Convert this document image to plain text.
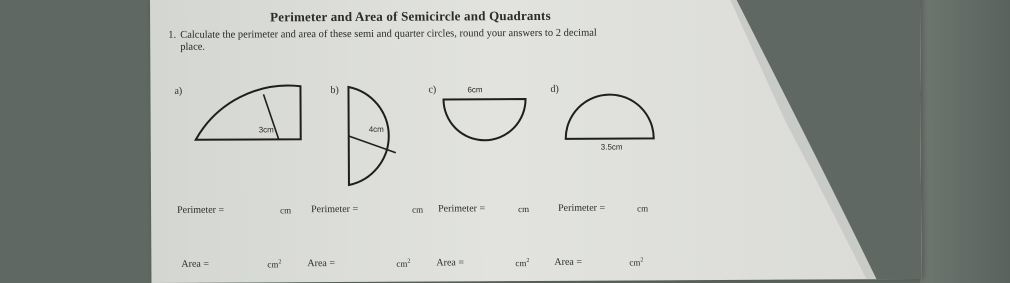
Perimeter and Area of Semicircle and Quadrants
1. Calculate the perimeter and area of these semi and quarter circles, round your answers to 2 decimal
place.
a)
3cm
b)
4cm
c)	6cm	d)
3.5cm
Perimeter =	cm Perimeter =	cm Perimeter =	cm	Perimeter =	cm
Area =	$cm^2$	Area =	$cm^2$	Area =	$cm^2$ Area =	$cm^2$
